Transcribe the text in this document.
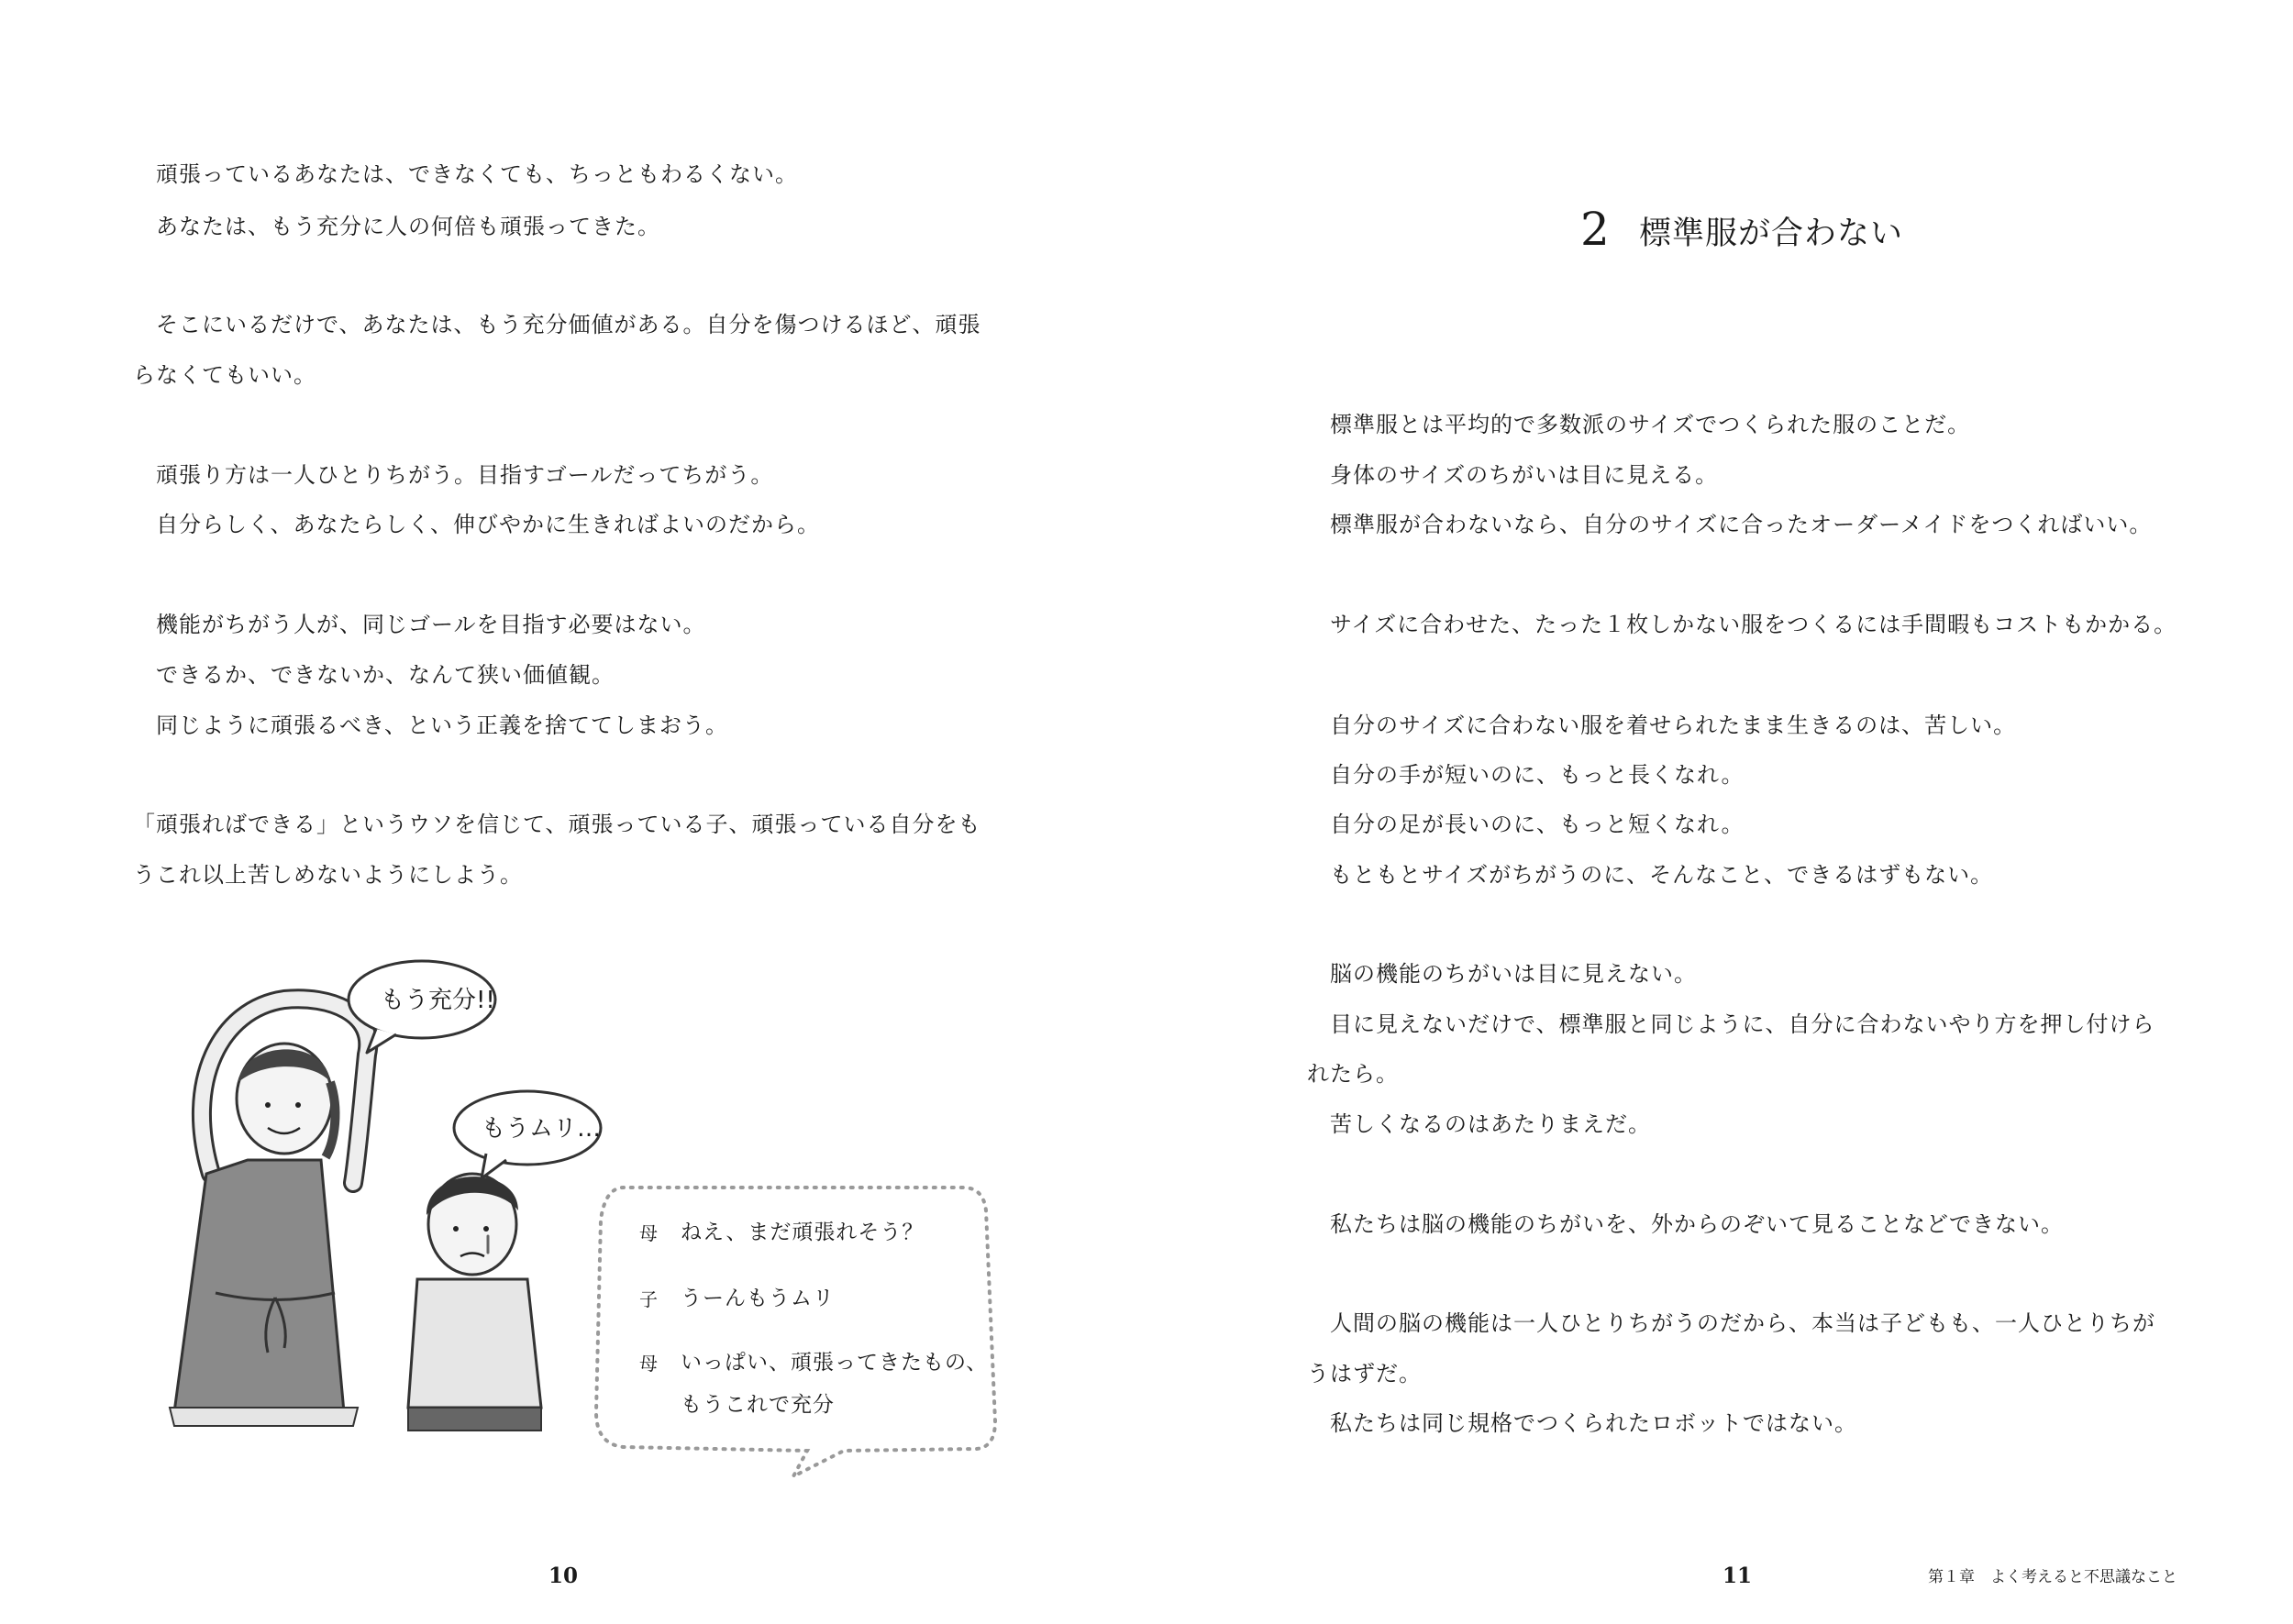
　頑張っているあなたは、できなくても、ちっともわるくない。
　あなたは、もう充分に人の何倍も頑張ってきた。
　そこにいるだけで、あなたは、もう充分価値がある。自分を傷つけるほど、頑張
らなくてもいい。
　頑張り方は一人ひとりちがう。目指すゴールだってちがう。
　自分らしく、あなたらしく、伸びやかに生きればよいのだから。
　機能がちがう人が、同じゴールを目指す必要はない。
　できるか、できないか、なんて狭い価値観。
　同じように頑張るべき、という正義を捨ててしまおう。
「頑張ればできる」というウソを信じて、頑張っている子、頑張っている自分をも
うこれ以上苦しめないようにしよう。
もう充分!!
もうムリ…
母 ねえ、まだ頑張れそう？
子 うーんもうムリ
母 いっぱい、頑張ってきたもの、
もうこれで充分
10
2 標準服が合わない
　標準服とは平均的で多数派のサイズでつくられた服のことだ。
　身体のサイズのちがいは目に見える。
　標準服が合わないなら、自分のサイズに合ったオーダーメイドをつくればいい。
　サイズに合わせた、たった１枚しかない服をつくるには手間暇もコストもかかる。
　自分のサイズに合わない服を着せられたまま生きるのは、苦しい。
　自分の手が短いのに、もっと長くなれ。
　自分の足が長いのに、もっと短くなれ。
　もともとサイズがちがうのに、そんなこと、できるはずもない。
　脳の機能のちがいは目に見えない。
　目に見えないだけで、標準服と同じように、自分に合わないやり方を押し付けら
れたら。
　苦しくなるのはあたりまえだ。
　私たちは脳の機能のちがいを、外からのぞいて見ることなどできない。
　人間の脳の機能は一人ひとりちがうのだから、本当は子どもも、一人ひとりちが
うはずだ。
　私たちは同じ規格でつくられたロボットではない。
11	第１章　よく考えると不思議なこと
